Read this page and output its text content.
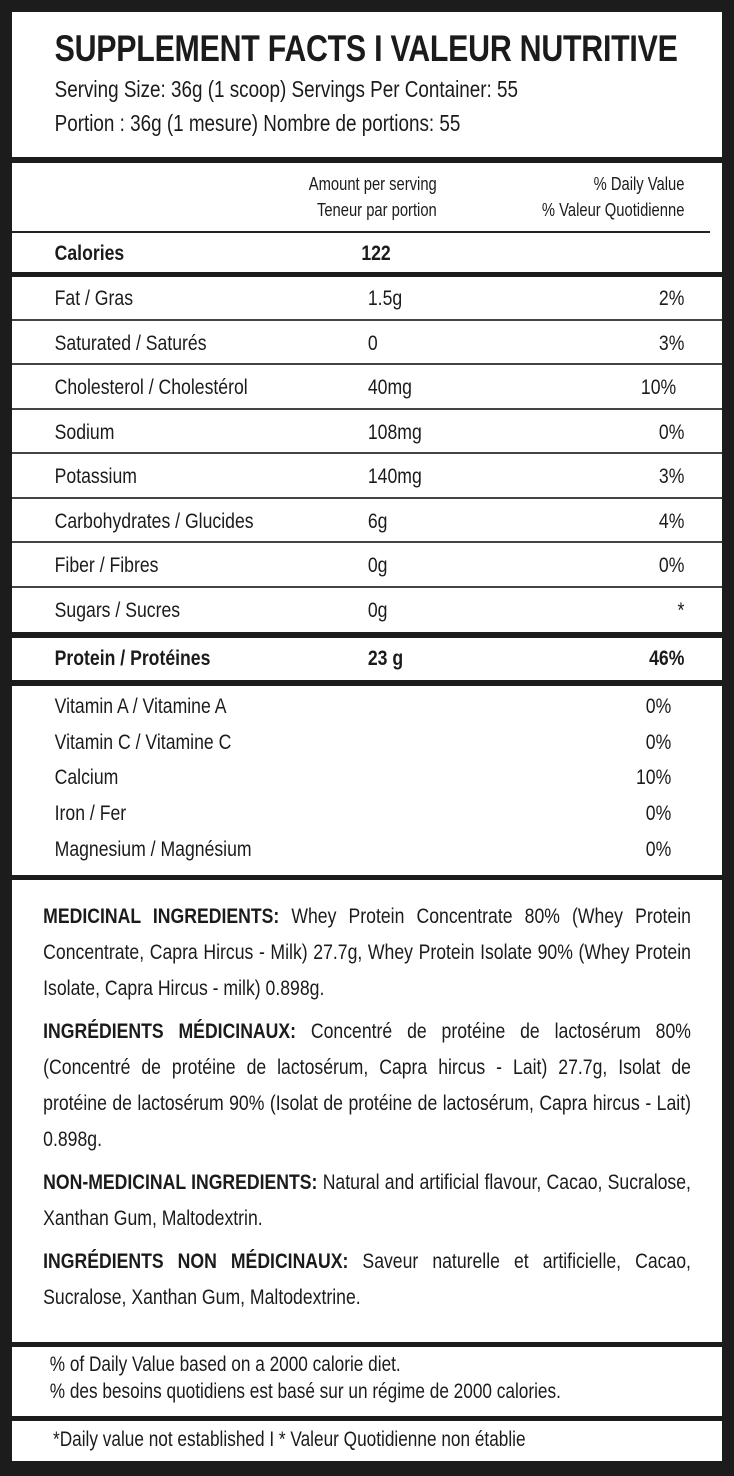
SUPPLEMENT FACTS I VALEUR NUTRITIVE
Serving Size: 36g (1 scoop) Servings Per Container: 55
Portion : 36g (1 mesure) Nombre de portions: 55
Amount per serving
Teneur par portion
% Daily Value
% Valeur Quotidienne
Calories	122
Fat / Gras	1.5g	2%
Saturated / Saturés	0	3%
Cholesterol / Cholestérol	40mg	10%
Sodium	108mg	0%
Potassium	140mg	3%
Carbohydrates / Glucides	6g	4%
Fiber / Fibres	0g	0%
Sugars / Sucres	0g	*
Protein / Protéines	23 g	46%
Vitamin A / Vitamine A	0%
Vitamin C / Vitamine C	0%
Calcium	10%
Iron / Fer	0%
Magnesium / Magnésium	0%

MEDICINAL INGREDIENTS: Whey Protein Concentrate 80% (Whey Protein Concentrate, Capra Hircus - Milk) 27.7g, Whey Protein Isolate 90% (Whey Protein Isolate, Capra Hircus - milk) 0.898g.

INGRÉDIENTS MÉDICINAUX: Concentré de protéine de lactosérum 80% (Concentré de protéine de lactosérum, Capra hircus - Lait) 27.7g, Isolat de protéine de lactosérum 90% (Isolat de protéine de lactosérum, Capra hircus - Lait) 0.898g.

NON-MEDICINAL INGREDIENTS: Natural and artificial flavour, Cacao, Sucralose, Xanthan Gum, Maltodextrin.

INGRÉDIENTS NON MÉDICINAUX: Saveur naturelle et artificielle, Cacao, Sucralose, Xanthan Gum, Maltodextrine.

% of Daily Value based on a 2000 calorie diet.
% des besoins quotidiens est basé sur un régime de 2000 calories.
*Daily value not established I * Valeur Quotidienne non établie
